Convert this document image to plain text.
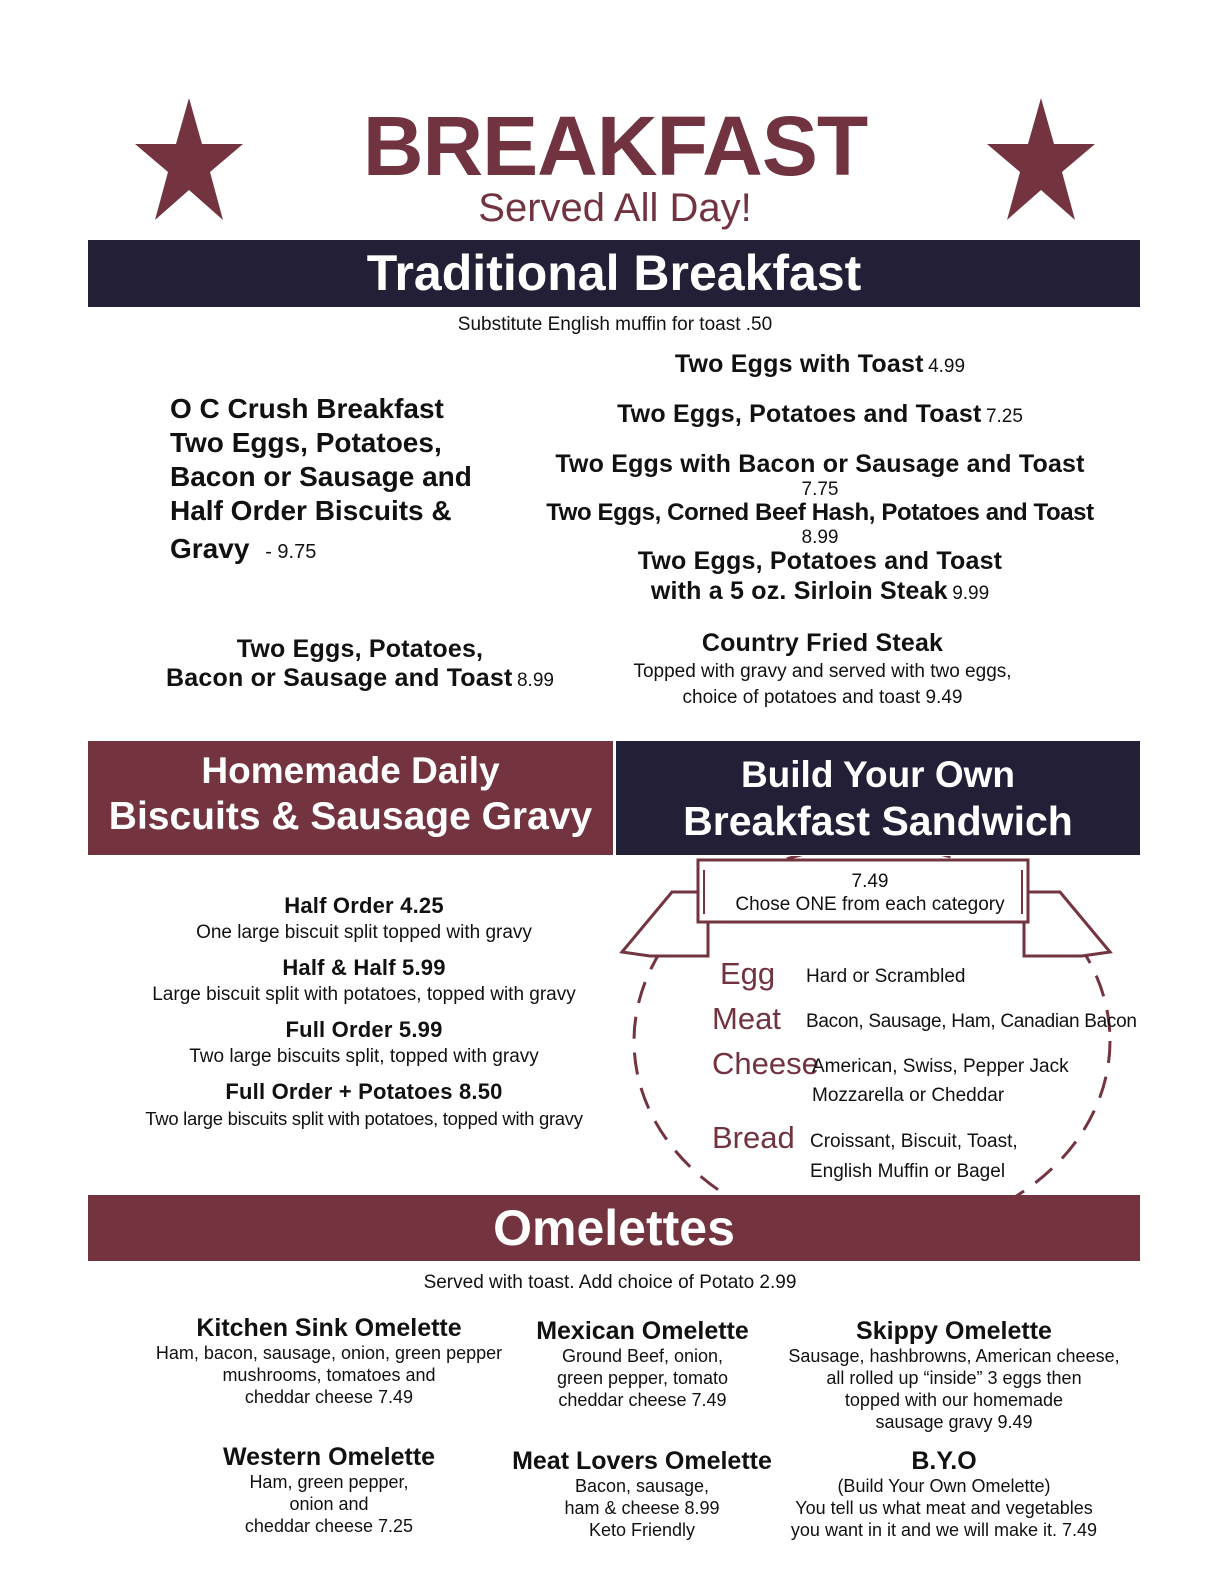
BREAKFAST
Served All Day!
Traditional Breakfast
Substitute English muffin for toast .50
O C Crush Breakfast
Two Eggs, Potatoes,
Bacon or Sausage and
Half Order Biscuits &
Gravy - 9.75
Two Eggs with Toast 4.99
Two Eggs, Potatoes and Toast 7.25
Two Eggs with Bacon or Sausage and Toast 7.75
Two Eggs, Corned Beef Hash, Potatoes and Toast 8.99
Two Eggs, Potatoes and Toast
with a 5 oz. Sirloin Steak 9.99
Two Eggs, Potatoes,
Bacon or Sausage and Toast 8.99
Country Fried Steak
Topped with gravy and served with two eggs,
choice of potatoes and toast 9.49
Homemade Daily
Biscuits & Sausage Gravy
Build Your Own
Breakfast Sandwich
Half Order 4.25
One large biscuit split topped with gravy
Half & Half 5.99
Large biscuit split with potatoes, topped with gravy
Full Order 5.99
Two large biscuits split, topped with gravy
Full Order + Potatoes 8.50
Two large biscuits split with potatoes, topped with gravy
7.49
Chose ONE from each category
Egg Hard or Scrambled
Meat Bacon, Sausage, Ham, Canadian Bacon
Cheese
American, Swiss, Pepper Jack
Mozzarella or Cheddar
Bread Croissant, Biscuit, Toast,
English Muffin or Bagel
Omelettes
Served with toast. Add choice of Potato 2.99
Kitchen Sink Omelette
Ham, bacon, sausage, onion, green pepper
mushrooms, tomatoes and
cheddar cheese 7.49
Mexican Omelette
Ground Beef, onion,
green pepper, tomato
cheddar cheese 7.49
Skippy Omelette
Sausage, hashbrowns, American cheese,
all rolled up “inside” 3 eggs then
topped with our homemade
sausage gravy 9.49
Western Omelette
Ham, green pepper,
onion and
cheddar cheese 7.25
Meat Lovers Omelette
Bacon, sausage,
ham & cheese 8.99
Keto Friendly
B.Y.O
(Build Your Own Omelette)
You tell us what meat and vegetables
you want in it and we will make it. 7.49
